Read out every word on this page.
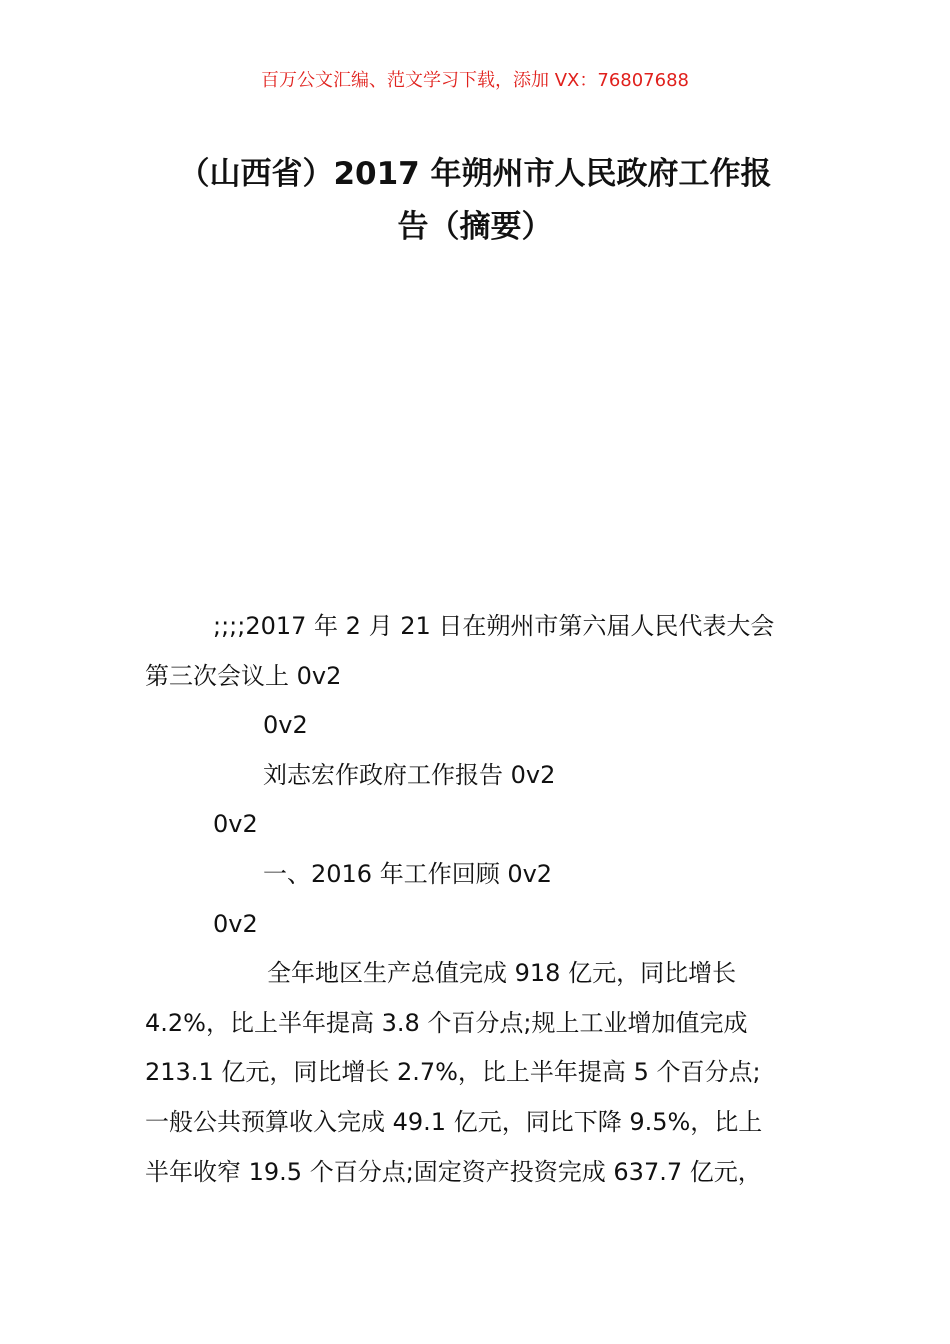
百万公文汇编、范文学习下载，添加 VX：76807688
（山西省）2017 年朔州市人民政府工作报
告（摘要）

;;;;2017 年 2 月 21 日在朔州市第六届人民代表大会
第三次会议上 0v2

0v2

刘志宏作政府工作报告 0v2

0v2

一、2016 年工作回顾 0v2

0v2

全年地区生产总值完成 918 亿元，同比增长
4.2%，比上半年提高 3.8 个百分点;规上工业增加值完成
213.1 亿元，同比增长 2.7%，比上半年提高 5 个百分点;
一般公共预算收入完成 49.1 亿元，同比下降 9.5%，比上
半年收窄 19.5 个百分点;固定资产投资完成 637.7 亿元，
